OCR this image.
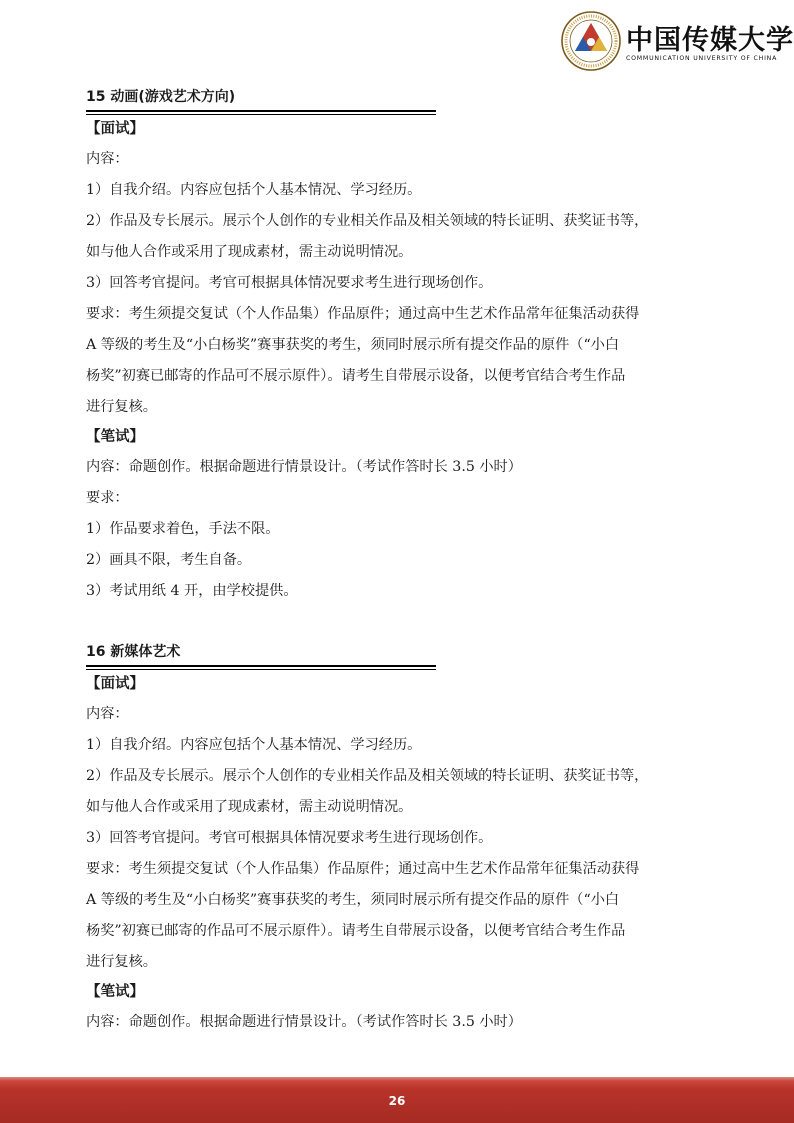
中国传媒大学
COMMUNICATION UNIVERSITY OF CHINA
15 动画(游戏艺术方向)
【面试】
内容：
1）自我介绍。内容应包括个人基本情况、学习经历。
2）作品及专长展示。展示个人创作的专业相关作品及相关领域的特长证明、获奖证书等，
如与他人合作或采用了现成素材，需主动说明情况。
3）回答考官提问。考官可根据具体情况要求考生进行现场创作。
要求：考生须提交复试（个人作品集）作品原件；通过高中生艺术作品常年征集活动获得
A 等级的考生及“小白杨奖”赛事获奖的考生，须同时展示所有提交作品的原件（“小白
杨奖”初赛已邮寄的作品可不展示原件）。请考生自带展示设备，以便考官结合考生作品
进行复核。
【笔试】
内容：命题创作。根据命题进行情景设计。（考试作答时长 3.5 小时）
要求：
1）作品要求着色，手法不限。
2）画具不限，考生自备。
3）考试用纸 4 开，由学校提供。
16 新媒体艺术
【面试】
内容：
1）自我介绍。内容应包括个人基本情况、学习经历。
2）作品及专长展示。展示个人创作的专业相关作品及相关领域的特长证明、获奖证书等，
如与他人合作或采用了现成素材，需主动说明情况。
3）回答考官提问。考官可根据具体情况要求考生进行现场创作。
要求：考生须提交复试（个人作品集）作品原件；通过高中生艺术作品常年征集活动获得
A 等级的考生及“小白杨奖”赛事获奖的考生，须同时展示所有提交作品的原件（“小白
杨奖”初赛已邮寄的作品可不展示原件）。请考生自带展示设备，以便考官结合考生作品
进行复核。
【笔试】
内容：命题创作。根据命题进行情景设计。（考试作答时长 3.5 小时）
26
